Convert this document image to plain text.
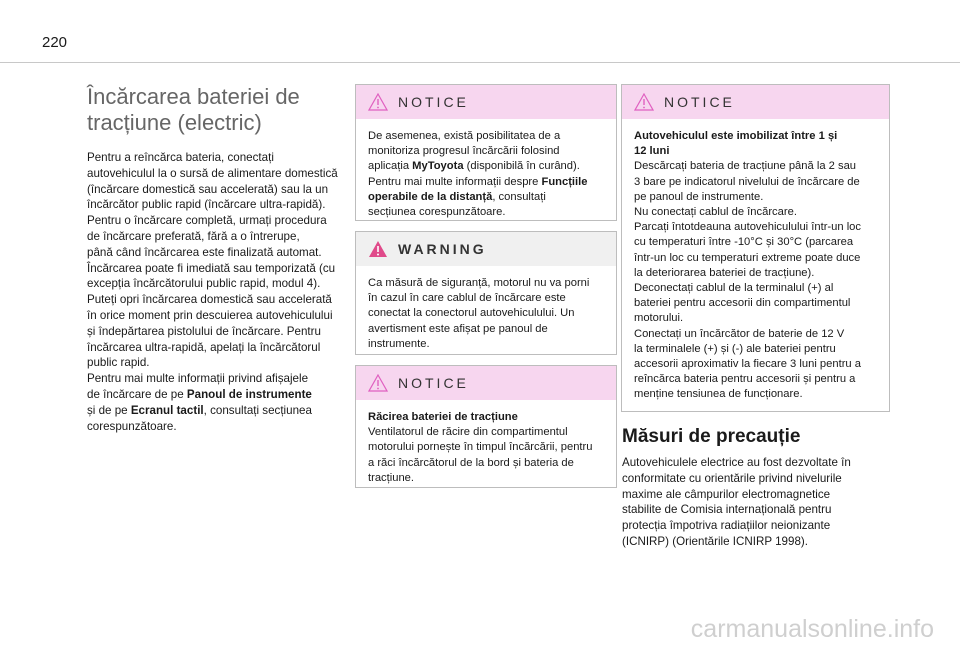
220
Încărcarea bateriei de
tracțiune (electric)

Pentru a reîncărca bateria, conectați
autovehiculul la o sursă de alimentare domestică
(încărcare domestică sau accelerată) sau la un
încărcător public rapid (încărcare ultra-rapidă).

Pentru o încărcare completă, urmați procedura
de încărcare preferată, fără a o întrerupe,
până când încărcarea este finalizată automat.

Încărcarea poate fi imediată sau temporizată (cu
excepția încărcătorului public rapid, modul 4).

Puteți opri încărcarea domestică sau accelerată
în orice moment prin descuierea autovehiculului
și îndepărtarea pistolului de încărcare. Pentru
încărcarea ultra-rapidă, apelați la încărcătorul
public rapid.

Pentru mai multe informații privind afișajele
de încărcare de pe Panoul de instrumente
și de pe Ecranul tactil, consultați secțiunea
corespunzătoare.

NOTICE

De asemenea, există posibilitatea de a
monitoriza progresul încărcării folosind
aplicația MyToyota (disponibilă în curând).
Pentru mai multe informații despre Funcțiile
operabile de la distanță, consultați
secțiunea corespunzătoare.

WARNING

Ca măsură de siguranță, motorul nu va porni
în cazul în care cablul de încărcare este
conectat la conectorul autovehiculului. Un
avertisment este afișat pe panoul de
instrumente.

NOTICE

Răcirea bateriei de tracțiune

Ventilatorul de răcire din compartimentul
motorului pornește în timpul încărcării, pentru
a răci încărcătorul de la bord și bateria de
tracțiune.

NOTICE

Autovehiculul este imobilizat între 1 și
12 luni

Descărcați bateria de tracțiune până la 2 sau
3 bare pe indicatorul nivelului de încărcare de
pe panoul de instrumente.

Nu conectați cablul de încărcare.

Parcați întotdeauna autovehiculului într-un loc
cu temperaturi între -10°C și 30°C (parcarea
într-un loc cu temperaturi extreme poate duce
la deteriorarea bateriei de tracțiune).

Deconectați cablul de la terminalul (+) al
bateriei pentru accesorii din compartimentul
motorului.

Conectați un încărcător de baterie de 12 V
la terminalele (+) și (-) ale bateriei pentru
accesorii aproximativ la fiecare 3 luni pentru a
reîncărca bateria pentru accesorii și pentru a
menține tensiunea de funcționare.

Măsuri de precauție

Autovehiculele electrice au fost dezvoltate în
conformitate cu orientările privind nivelurile
maxime ale câmpurilor electromagnetice
stabilite de Comisia internațională pentru
protecția împotriva radiațiilor neionizante
(ICNIRP) (Orientările ICNIRP 1998).

carmanualsonline.info
